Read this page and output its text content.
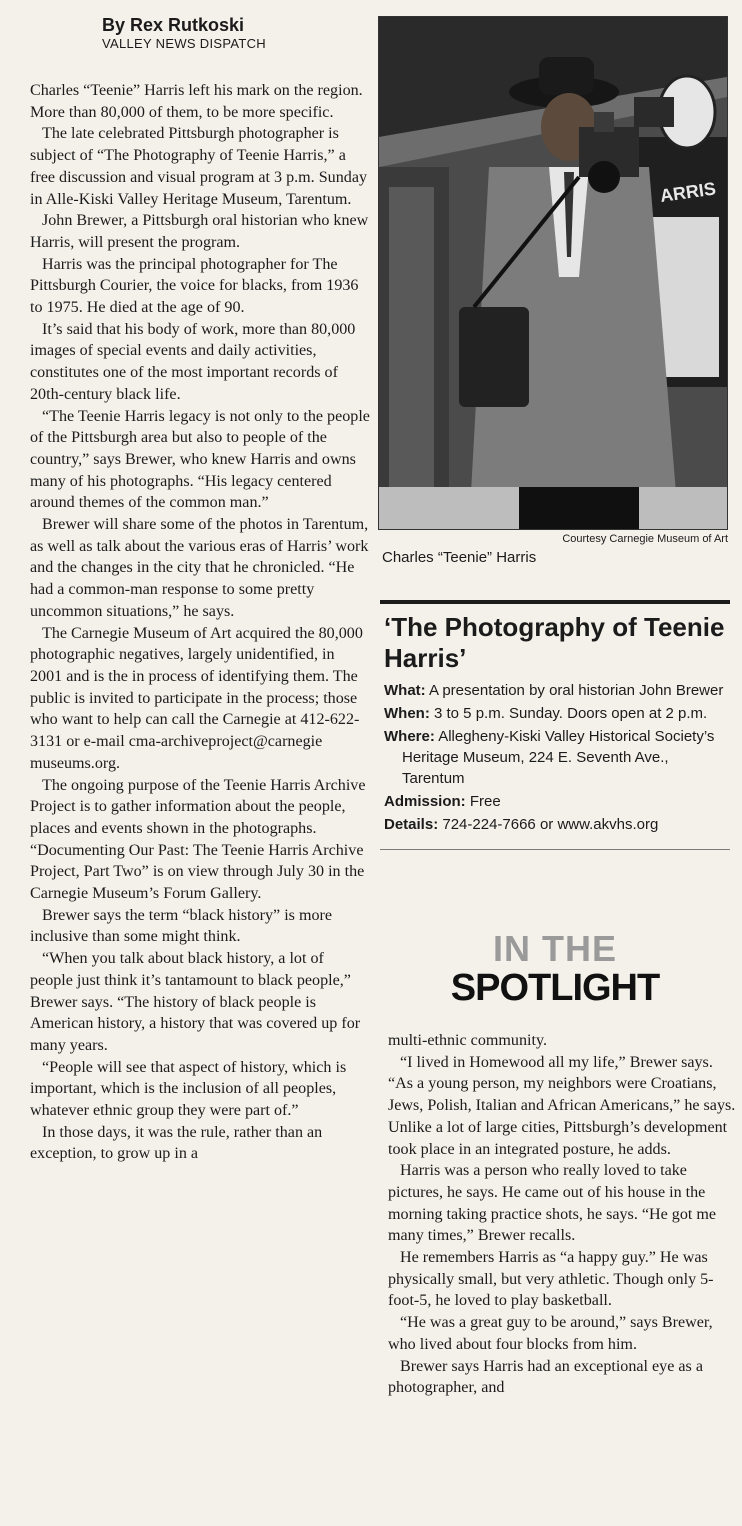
By Rex Rutkoski
VALLEY NEWS DISPATCH

Charles “Teenie” Harris left his mark on the region. More than 80,000 of them, to be more specific.

The late celebrated Pittsburgh photographer is subject of “The Photography of Teenie Harris,” a free discussion and visual program at 3 p.m. Sunday in Alle-Kiski Valley Heritage Museum, Tarentum.

John Brewer, a Pittsburgh oral historian who knew Harris, will present the program.

Harris was the principal photographer for The Pittsburgh Courier, the voice for blacks, from 1936 to 1975. He died at the age of 90.

It’s said that his body of work, more than 80,000 images of special events and daily activities, constitutes one of the most important records of 20th-century black life.

“The Teenie Harris legacy is not only to the people of the Pittsburgh area but also to people of the country,” says Brewer, who knew Harris and owns many of his photographs. “His legacy centered around themes of the common man.”

Brewer will share some of the photos in Tarentum, as well as talk about the various eras of Harris’ work and the changes in the city that he chronicled. “He had a common-man response to some pretty uncommon situations,” he says.

The Carnegie Museum of Art acquired the 80,000 photographic negatives, largely unidentified, in 2001 and is the in process of identifying them. The public is invited to participate in the process; those who want to help can call the Carnegie at 412-622-3131 or e-mail cma-archiveproject@carnegie museums.org.

The ongoing purpose of the Teenie Harris Archive Project is to gather information about the people, places and events shown in the photographs. “Documenting Our Past: The Teenie Harris Archive Project, Part Two” is on view through July 30 in the Carnegie Museum’s Forum Gallery.

Brewer says the term “black history” is more inclusive than some might think.

“When you talk about black history, a lot of people just think it’s tantamount to black people,” Brewer says. “The history of black people is American history, a history that was covered up for many years.

“People will see that aspect of history, which is important, which is the inclusion of all peoples, whatever ethnic group they were part of.”

In those days, it was the rule, rather than an exception, to grow up in a

ARRIS
Courtesy Carnegie Museum of Art
Charles “Teenie” Harris
‘The Photography of Teenie Harris’
What: A presentation by oral historian John Brewer
When: 3 to 5 p.m. Sunday. Doors open at 2 p.m.
Where: Allegheny-Kiski Valley Historical Society’s Heritage Museum, 224 E. Seventh Ave., Tarentum
Admission: Free
Details: 724-224-7666 or www.akvhs.org
IN THE
SPOTLIGHT

multi-ethnic community.

“I lived in Homewood all my life,” Brewer says. “As a young person, my neighbors were Croatians, Jews, Polish, Italian and African Americans,” he says. Unlike a lot of large cities, Pittsburgh’s development took place in an integrated posture, he adds.

Harris was a person who really loved to take pictures, he says. He came out of his house in the morning taking practice shots, he says. “He got me many times,” Brewer recalls.

He remembers Harris as “a happy guy.” He was physically small, but very athletic. Though only 5-foot-5, he loved to play basketball.

“He was a great guy to be around,” says Brewer, who lived about four blocks from him.

Brewer says Harris had an exceptional eye as a photographer, and
